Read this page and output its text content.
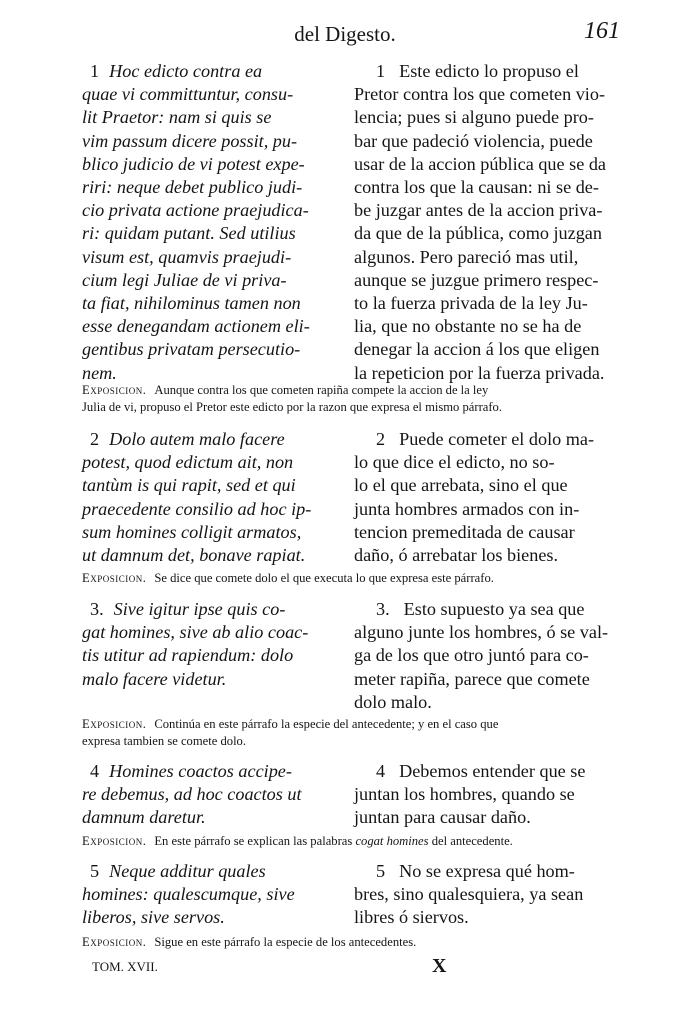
del Digesto.	161
1 Hoc edicto contra ea
quae vi committuntur, consu-
lit Praetor: nam si quis se
vim passum dicere possit, pu-
blico judicio de vi potest expe-
riri: neque debet publico judi-
cio privata actione praejudica-
ri: quidam putant. Sed utilius
visum est, quamvis praejudi-
cium legi Juliae de vi priva-
ta fiat, nihilominus tamen non
esse denegandam actionem eli-
gentibus privatam persecutio-
nem.
1 Este edicto lo propuso el
Pretor contra los que cometen vio-
lencia; pues si alguno puede pro-
bar que padeció violencia, puede
usar de la accion pública que se da
contra los que la causan: ni se de-
be juzgar antes de la accion priva-
da que de la pública, como juzgan
algunos. Pero pareció mas util,
aunque se juzgue primero respec-
to la fuerza privada de la ley Ju-
lia, que no obstante no se ha de
denegar la accion á los que eligen
la repeticion por la fuerza privada.
Exposicion. Aunque contra los que cometen rapiña compete la accion de la ley
Julia de vi, propuso el Pretor este edicto por la razon que expresa el mismo párrafo.
2 Dolo autem malo facere
potest, quod edictum ait, non
tantùm is qui rapit, sed et qui
praecedente consilio ad hoc ip-
sum homines colligit armatos,
ut damnum det, bonave rapiat.
2 Puede cometer el dolo ma-
lo que dice el edicto, no so-
lo el que arrebata, sino el que
junta hombres armados con in-
tencion premeditada de causar
daño, ó arrebatar los bienes.
Exposicion. Se dice que comete dolo el que executa lo que expresa este párrafo.
3. Sive igitur ipse quis co-
gat homines, sive ab alio coac-
tis utitur ad rapiendum: dolo
malo facere videtur.
3. Esto supuesto ya sea que
alguno junte los hombres, ó se val-
ga de los que otro juntó para co-
meter rapiña, parece que comete
dolo malo.
Exposicion. Continúa en este párrafo la especie del antecedente; y en el caso que
expresa tambien se comete dolo.
4 Homines coactos accipe-
re debemus, ad hoc coactos ut
damnum daretur.
4 Debemos entender que se
juntan los hombres, quando se
juntan para causar daño.
Exposicion. En este párrafo se explican las palabras cogat homines del antecedente.
5 Neque additur quales
homines: qualescumque, sive
liberos, sive servos.
5 No se expresa qué hom-
bres, sino qualesquiera, ya sean
libres ó siervos.
Exposicion. Sigue en este párrafo la especie de los antecedentes.
TOM. XVII.	X
